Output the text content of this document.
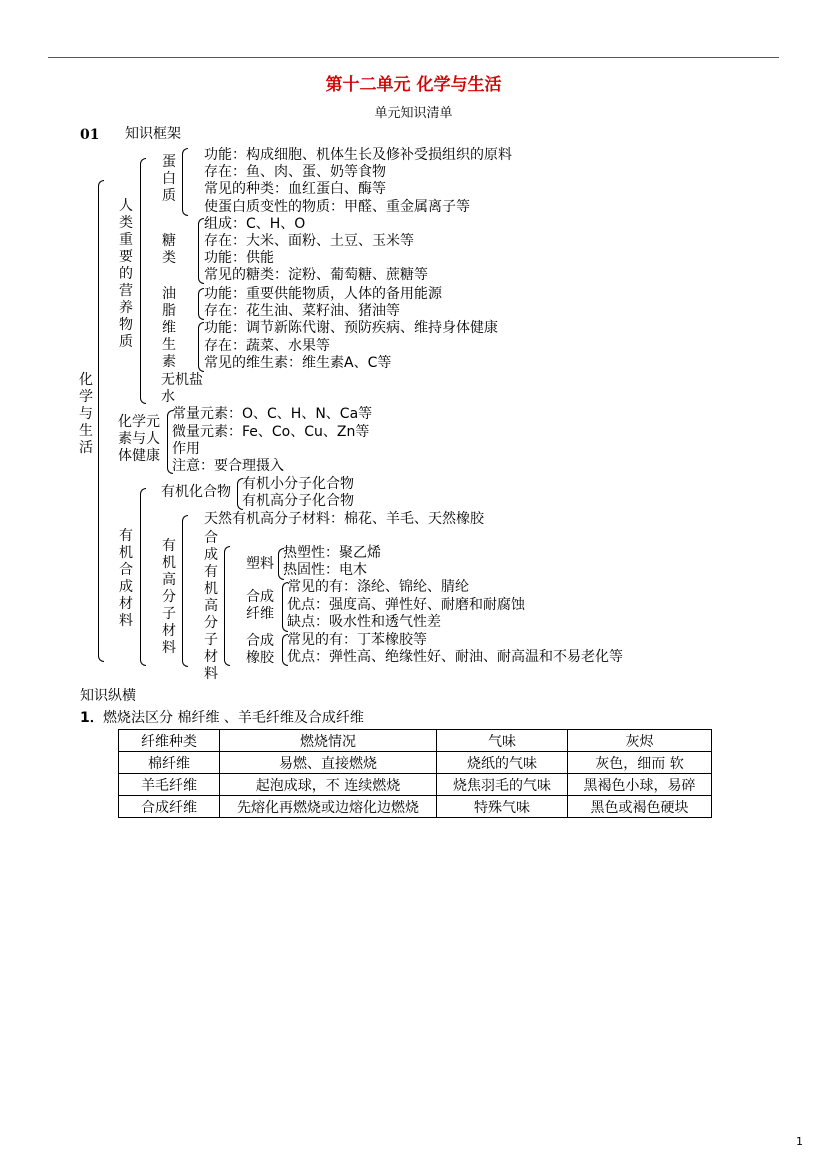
第十二单元 化学与生活
单元知识清单
01 知识框架
化学与生活
人类重要的营养物质
蛋白质
功能：构成细胞、机体生长及修补受损组织的原料
存在：鱼、肉、蛋、奶等食物
常见的种类：血红蛋白、酶等
使蛋白质变性的物质：甲醛、重金属离子等
糖类
组成：C、H、O
存在：大米、面粉、土豆、玉米等
功能：供能
常见的糖类：淀粉、葡萄糖、蔗糖等
油脂
功能：重要供能物质，人体的备用能源
存在：花生油、菜籽油、猪油等
维生素
功能：调节新陈代谢、预防疾病、维持身体健康
存在：蔬菜、水果等
常见的维生素：维生素A、C等
无机盐
水
化学元素与人体健康
常量元素：O、C、H、N、Ca等
微量元素：Fe、Co、Cu、Zn等
作用
注意：要合理摄入
有机合成材料
有机化合物 有机小分子化合物
有机高分子化合物
有机高分子材料
天然有机高分子材料：棉花、羊毛、天然橡胶
合成有机高分子材料
塑料
热塑性：聚乙烯
热固性：电木
合成纤维
常见的有：涤纶、锦纶、腈纶
优点：强度高、弹性好、耐磨和耐腐蚀
缺点：吸水性和透气性差
合成橡胶
常见的有：丁苯橡胶等
优点：弹性高、绝缘性好、耐油、耐高温和不易老化等
知识纵横
1． 燃烧法区分 棉纤维 、羊毛纤维及合成纤维
纤维种类	燃烧情况	气味	灰烬
棉纤维	易燃、直接燃烧	烧纸的气味	灰色，细而 软
羊毛纤维	起泡成球，不 连续燃烧	烧焦羽毛的气味	黑褐色小球，易碎
合成纤维	先熔化再燃烧或边熔化边燃烧	特殊气味	黑色或褐色硬块
1
